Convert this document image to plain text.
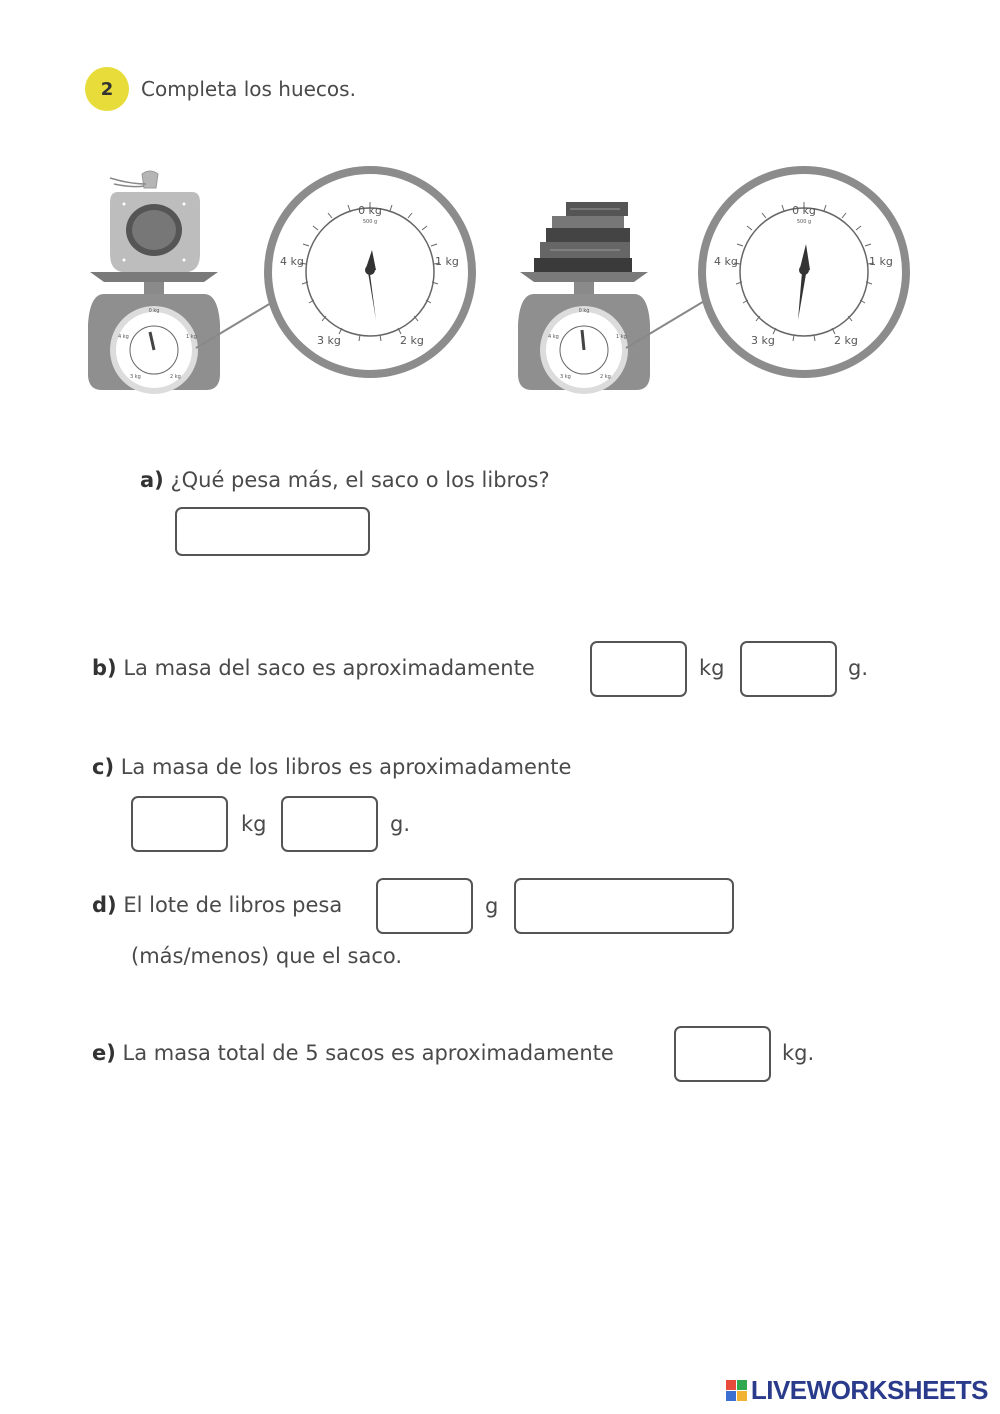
2	Completa los huecos.
0 kg
1 kg
4 kg
3 kg	2 kg
0 kg
500 g
1 kg
4 kg
3 kg	2 kg
0 kg
1 kg
4 kg
3 kg	2 kg
0 kg
500 g
1 kg
4 kg
3 kg	2 kg
a) ¿Qué pesa más, el saco o los libros?
b) La masa del saco es aproximadamente	kg	g.
c) La masa de los libros es aproximadamente
kg	g.
d) El lote de libros pesa	g
(más/menos) que el saco.
e) La masa total de 5 sacos es aproximadamente	kg.
LIVEWORKSHEETS
